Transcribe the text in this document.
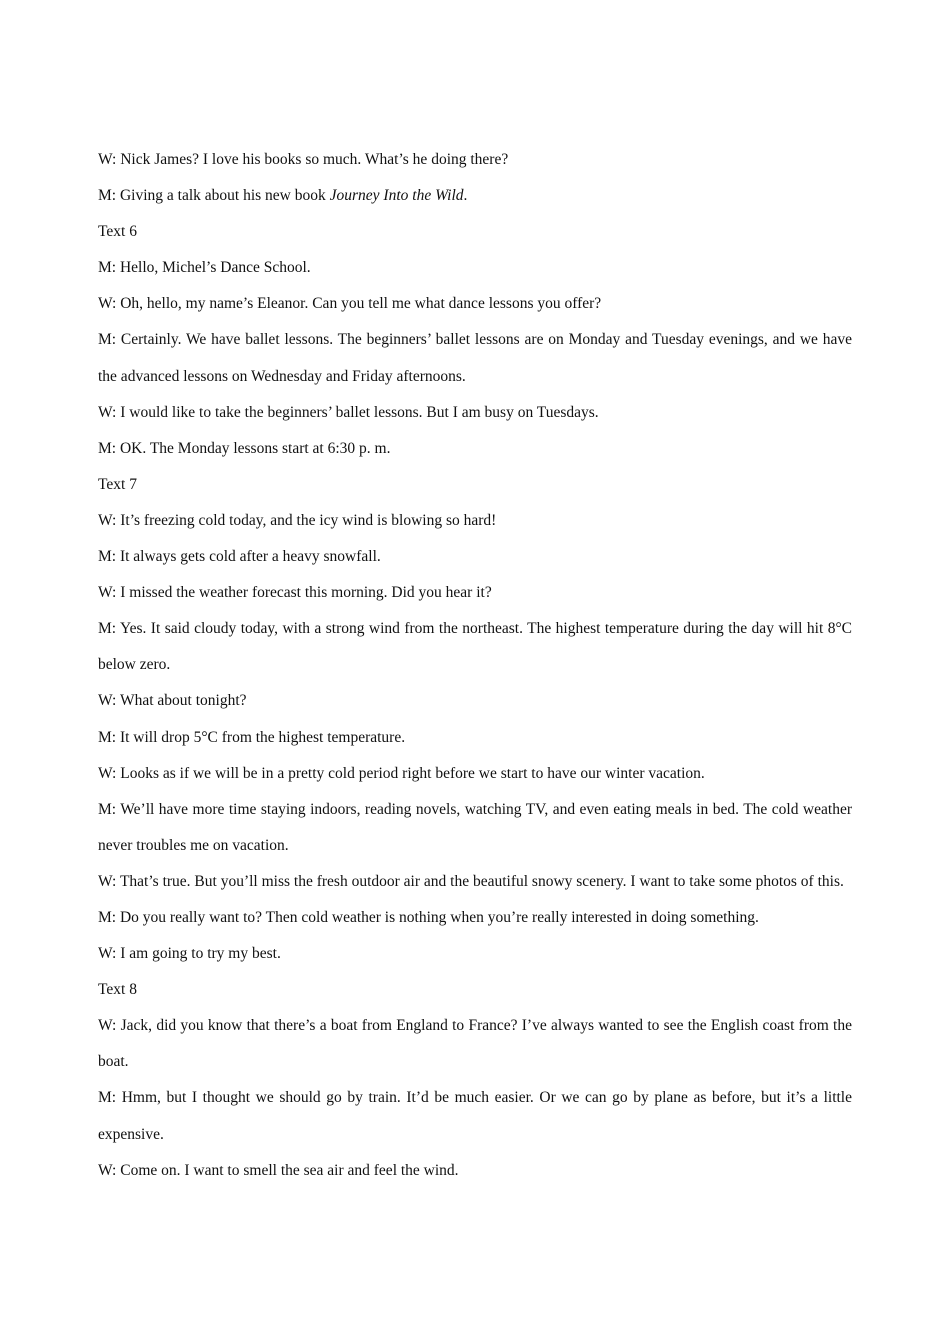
W: Nick James? I love his books so much. What’s he doing there?

M: Giving a talk about his new book Journey Into the Wild.

Text 6

M: Hello, Michel’s Dance School.

W: Oh, hello, my name’s Eleanor. Can you tell me what dance lessons you offer?

M: Certainly. We have ballet lessons. The beginners’ ballet lessons are on Monday and Tuesday evenings, and we have the advanced lessons on Wednesday and Friday afternoons.

W: I would like to take the beginners’ ballet lessons. But I am busy on Tuesdays.

M: OK. The Monday lessons start at 6:30 p. m.

Text 7

W: It’s freezing cold today, and the icy wind is blowing so hard!

M: It always gets cold after a heavy snowfall.

W: I missed the weather forecast this morning. Did you hear it?

M: Yes. It said cloudy today, with a strong wind from the northeast. The highest temperature during the day will hit 8°C below zero.

W: What about tonight?

M: It will drop 5°C from the highest temperature.

W: Looks as if we will be in a pretty cold period right before we start to have our winter vacation.

M: We’ll have more time staying indoors, reading novels, watching TV, and even eating meals in bed. The cold weather never troubles me on vacation.

W: That’s true. But you’ll miss the fresh outdoor air and the beautiful snowy scenery. I want to take some photos of this.

M: Do you really want to? Then cold weather is nothing when you’re really interested in doing something.

W: I am going to try my best.

Text 8

W: Jack, did you know that there’s a boat from England to France? I’ve always wanted to see the English coast from the boat.

M: Hmm, but I thought we should go by train. It’d be much easier. Or we can go by plane as before, but it’s a little expensive.

W: Come on. I want to smell the sea air and feel the wind.
